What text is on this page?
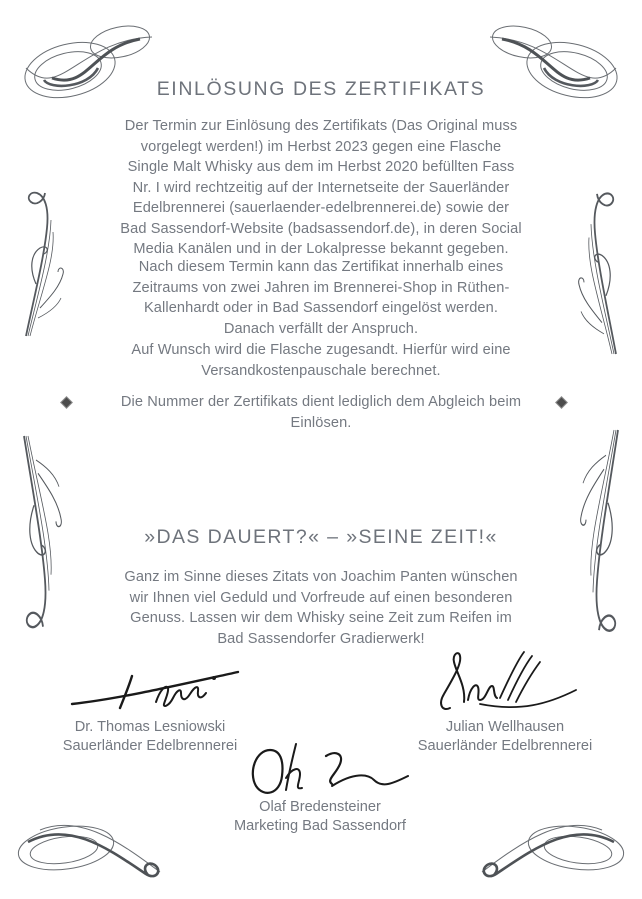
EINLÖSUNG DES ZERTIFIKATS

Der Termin zur Einlösung des Zertifikats (Das Original muss vorgelegt werden!) im Herbst 2023 gegen eine Flasche Single Malt Whisky aus dem im Herbst 2020 befüllten Fass Nr. I wird rechtzeitig auf der Internetseite der Sauerländer Edelbrennerei (sauerlaender-edelbrennerei.de) sowie der Bad Sassendorf-Website (badsassendorf.de), in deren Social Media Kanälen und in der Lokalpresse bekannt gegeben.

Nach diesem Termin kann das Zertifikat innerhalb eines Zeitraums von zwei Jahren im Brennerei-Shop in Rüthen-Kallenhardt oder in Bad Sassendorf eingelöst werden. Danach verfällt der Anspruch.

Auf Wunsch wird die Flasche zugesandt. Hierfür wird eine Versandkostenpauschale berechnet.

Die Nummer der Zertifikats dient lediglich dem Abgleich beim Einlösen.

»DAS DAUERT?« – »SEINE ZEIT!«

Ganz im Sinne dieses Zitats von Joachim Panten wünschen wir Ihnen viel Geduld und Vorfreude auf einen besonderen Genuss. Lassen wir dem Whisky seine Zeit zum Reifen im Bad Sassendorfer Gradierwerk!

Dr. Thomas Lesniowski
Sauerländer Edelbrennerei
Julian Wellhausen
Sauerländer Edelbrennerei
Olaf Bredensteiner
Marketing Bad Sassendorf
